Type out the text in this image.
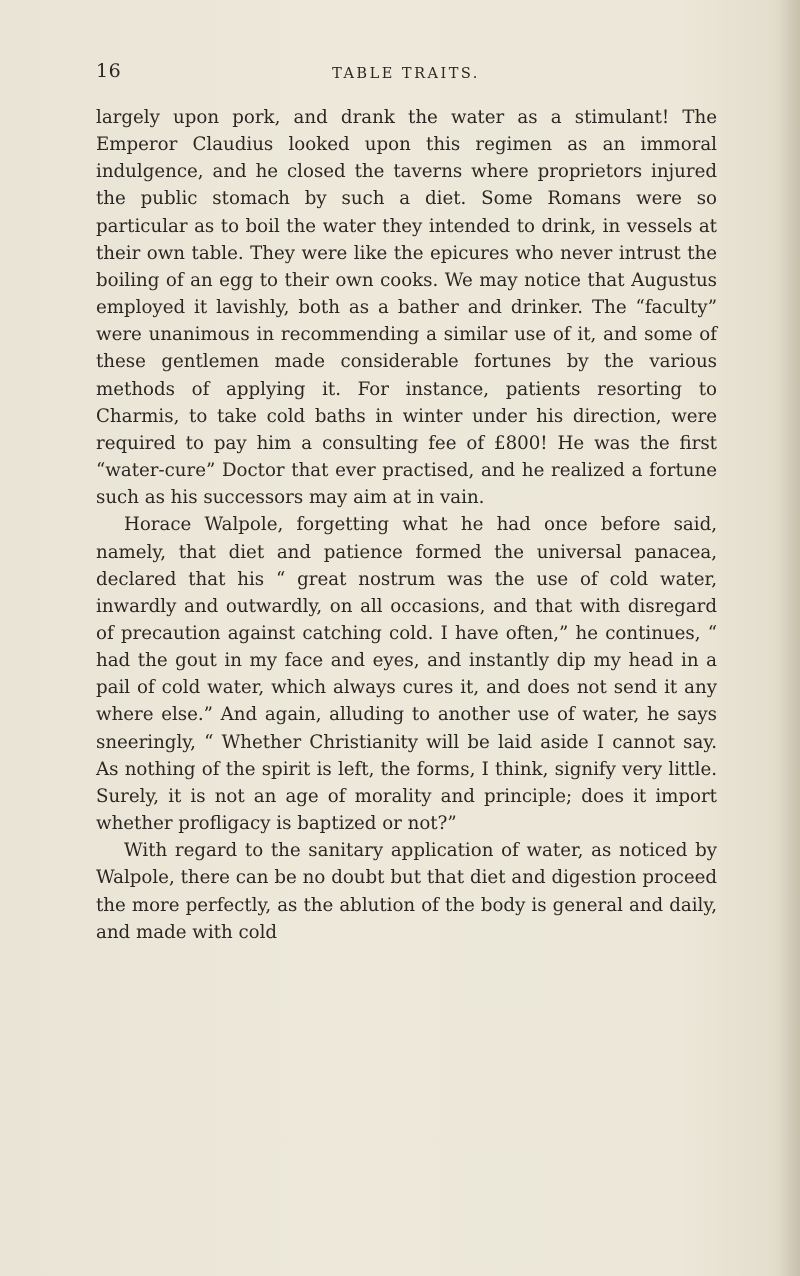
16	TABLE TRAITS.

largely upon pork, and drank the water as a stimulant! The Emperor Claudius looked upon this regimen as an immoral indulgence, and he closed the taverns where proprietors injured the public stomach by such a diet. Some Romans were so particular as to boil the water they intended to drink, in vessels at their own table. They were like the epicures who never intrust the boiling of an egg to their own cooks. We may notice that Augustus employed it lavishly, both as a bather and drinker. The “faculty” were unanimous in recommending a similar use of it, and some of these gentlemen made considerable fortunes by the various methods of applying it. For instance, patients resorting to Charmis, to take cold baths in winter under his direction, were required to pay him a consulting fee of £800! He was the first “water-cure” Doctor that ever practised, and he realized a fortune such as his successors may aim at in vain.

Horace Walpole, forgetting what he had once before said, namely, that diet and patience formed the universal panacea, declared that his “ great nostrum was the use of cold water, inwardly and outwardly, on all occasions, and that with disregard of precaution against catching cold. I have often,” he continues, “ had the gout in my face and eyes, and instantly dip my head in a pail of cold water, which always cures it, and does not send it any where else.” And again, alluding to another use of water, he says sneeringly, “ Whether Christianity will be laid aside I cannot say. As nothing of the spirit is left, the forms, I think, signify very little. Surely, it is not an age of morality and principle; does it import whether profligacy is baptized or not?”

With regard to the sanitary application of water, as noticed by Walpole, there can be no doubt but that diet and digestion proceed the more perfectly, as the ablution of the body is general and daily, and made with cold
